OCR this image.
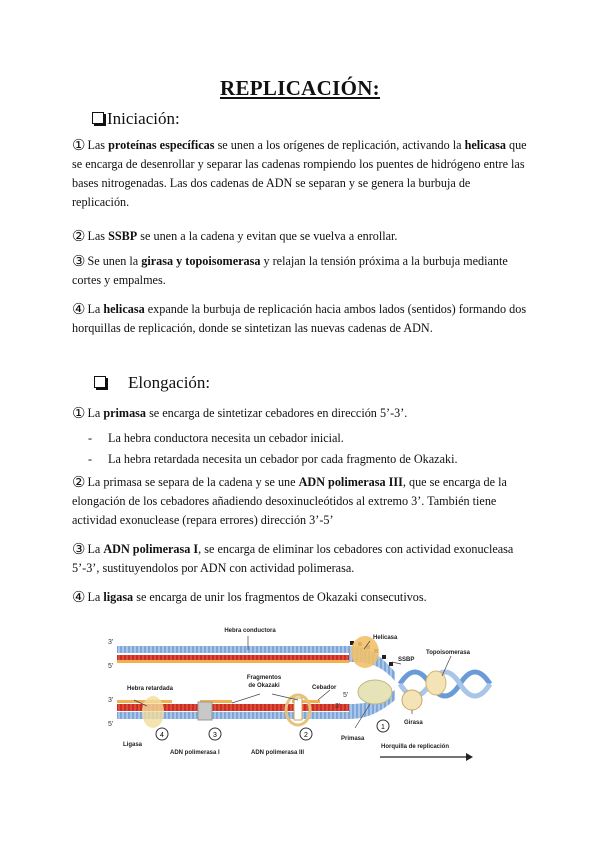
REPLICACIÓN:
Iniciación:

① Las proteínas específicas se unen a los orígenes de replicación, activando la helicasa que se encarga de desenrollar y separar las cadenas rompiendo los puentes de hidrógeno entre las bases nitrogenadas. Las dos cadenas de ADN se separan y se genera la burbuja de replicación.

② Las SSBP se unen a la cadena y evitan que se vuelva a enrollar.

③ Se unen la girasa y topoisomerasa y relajan la tensión próxima a la burbuja mediante cortes y empalmes.

④ La helicasa expande la burbuja de replicación hacia ambos lados (sentidos) formando dos horquillas de replicación, donde se sintetizan las nuevas cadenas de ADN.

Elongación:

① La primasa se encarga de sintetizar cebadores en dirección 5’-3’.

- La hebra conductora necesita un cebador inicial.

- La hebra retardada necesita un cebador por cada fragmento de Okazaki.

② La primasa se separa de la cadena y se une ADN polimerasa III, que se encarga de la elongación de los cebadores añadiendo desoxinucleótidos al extremo 3’. También tiene actividad exonuclease (repara errores) dirección 3’-5’

③ La ADN polimerasa I, se encarga de eliminar los cebadores con actividad exonucleasa 5’-3’, sustituyendolos por ADN con actividad polimerasa.

④ La ligasa se encarga de unir los fragmentos de Okazaki consecutivos.

1
2
3
4
3’
5’
3’
5’
5’
3’
Hebra conductora
Helicasa
SSBP
Topoisomerasa
Fragmentos
de Okazaki	Cebador
Hebra retardada
Girasa
Primasa
Ligasa
ADN polimerasa I	ADN polimerasa III
Horquilla de replicación
